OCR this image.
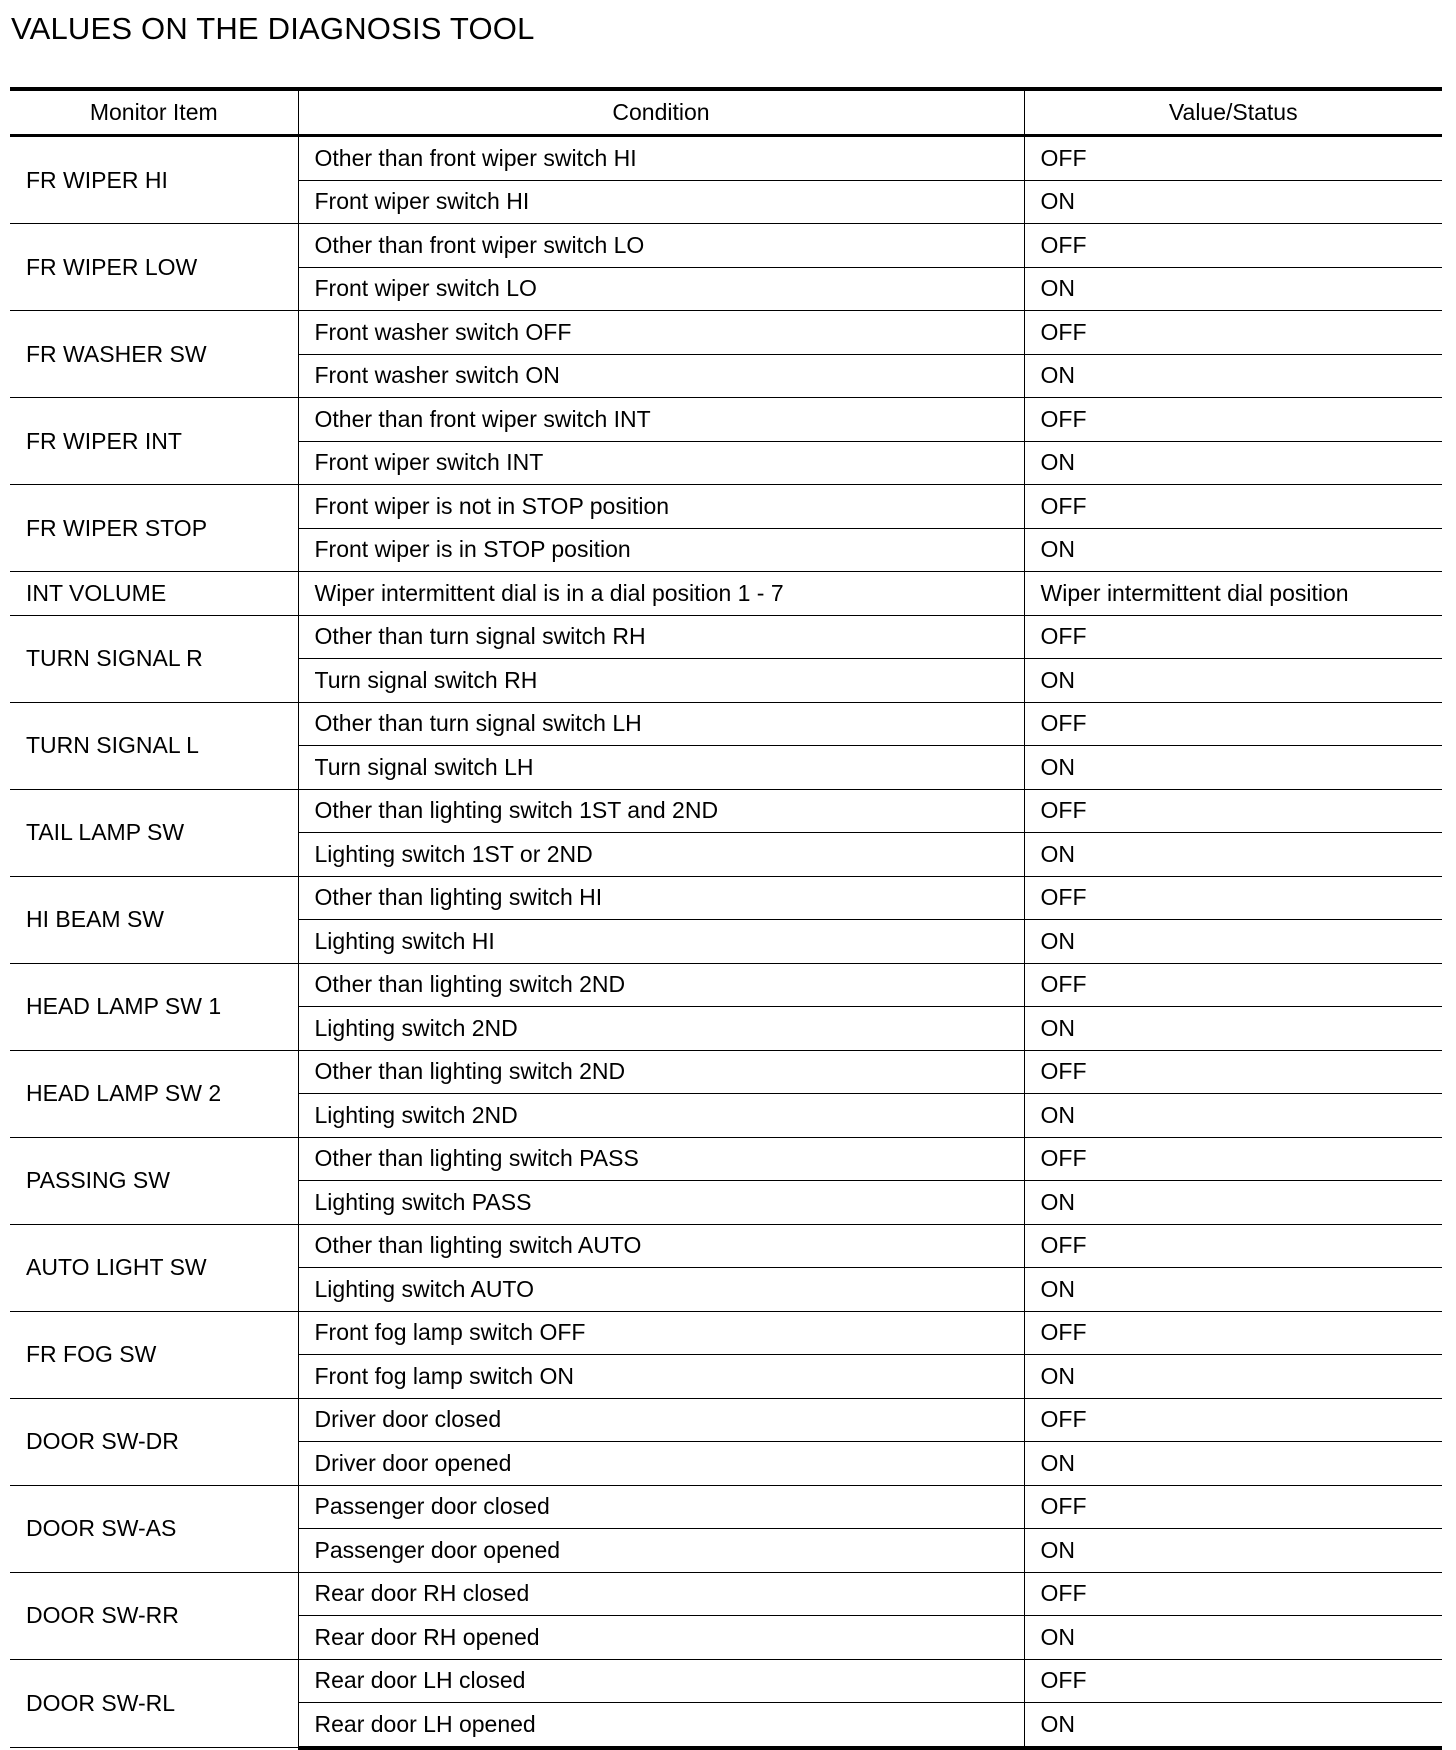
VALUES ON THE DIAGNOSIS TOOL
Monitor Item	Condition	Value/Status
FR WIPER HI	Other than front wiper switch HI	OFF
	Front wiper switch HI	ON
FR WIPER LOW	Other than front wiper switch LO	OFF
	Front wiper switch LO	ON
FR WASHER SW	Front washer switch OFF	OFF
	Front washer switch ON	ON
FR WIPER INT	Other than front wiper switch INT	OFF
	Front wiper switch INT	ON
FR WIPER STOP	Front wiper is not in STOP position	OFF
	Front wiper is in STOP position	ON
INT VOLUME	Wiper intermittent dial is in a dial position 1 - 7	Wiper intermittent dial position
TURN SIGNAL R	Other than turn signal switch RH	OFF
	Turn signal switch RH	ON
TURN SIGNAL L	Other than turn signal switch LH	OFF
	Turn signal switch LH	ON
TAIL LAMP SW	Other than lighting switch 1ST and 2ND	OFF
	Lighting switch 1ST or 2ND	ON
HI BEAM SW	Other than lighting switch HI	OFF
	Lighting switch HI	ON
HEAD LAMP SW 1	Other than lighting switch 2ND	OFF
	Lighting switch 2ND	ON
HEAD LAMP SW 2	Other than lighting switch 2ND	OFF
	Lighting switch 2ND	ON
PASSING SW	Other than lighting switch PASS	OFF
	Lighting switch PASS	ON
AUTO LIGHT SW	Other than lighting switch AUTO	OFF
	Lighting switch AUTO	ON
FR FOG SW	Front fog lamp switch OFF	OFF
	Front fog lamp switch ON	ON
DOOR SW-DR	Driver door closed	OFF
	Driver door opened	ON
DOOR SW-AS	Passenger door closed	OFF
	Passenger door opened	ON
DOOR SW-RR	Rear door RH closed	OFF
	Rear door RH opened	ON
DOOR SW-RL	Rear door LH closed	OFF
	Rear door LH opened	ON
